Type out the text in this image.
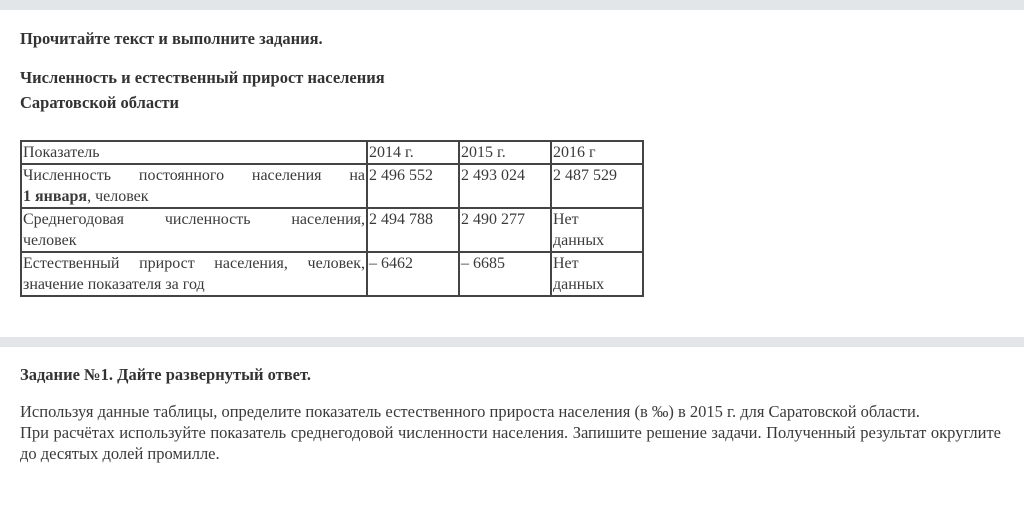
Прочитайте текст и выполните задания.
Численность и естественный прирост населения
Саратовской области
Показатель	2014 г.	2015 г.	2016 г

Численность постоянного населения на
1 января, человек	2 496 552	2 493 024	2 487 529

Среднегодовая численность населения,
человек	2 494 788	2 490 277	Нет
данных

Естественный прирост населения, человек,
значение показателя за год	– 6462	– 6685	Нет
данных
Задание №1. Дайте развернутый ответ.

Используя данные таблицы, определите показатель естественного прироста населения (в ‰) в 2015 г. для Саратовской области.

При расчётах используйте показатель среднегодовой численности населения. Запишите решение задачи. Полученный результат округлите до десятых долей промилле.
